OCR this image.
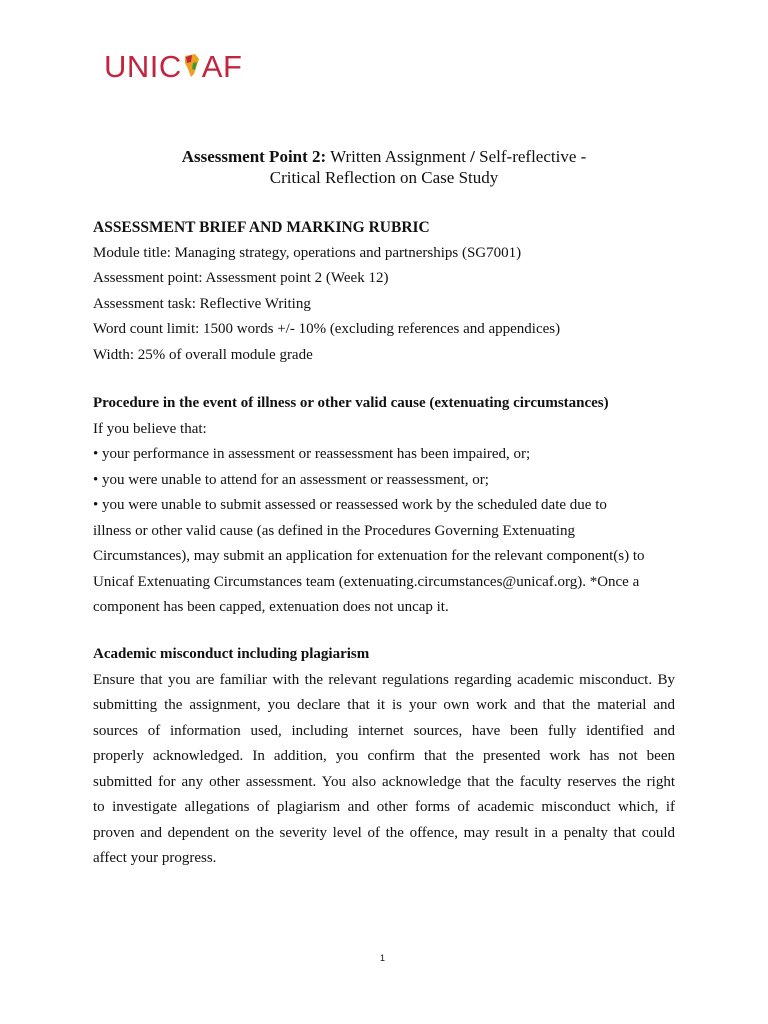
UNIC AF
Assessment Point 2: Written Assignment / Self-reflective -
Critical Reflection on Case Study
ASSESSMENT BRIEF AND MARKING RUBRIC
Module title: Managing strategy, operations and partnerships (SG7001)
Assessment point: Assessment point 2 (Week 12)
Assessment task: Reflective Writing
Word count limit: 1500 words +/- 10% (excluding references and appendices)
Width: 25% of overall module grade
Procedure in the event of illness or other valid cause (extenuating circumstances)
If you believe that:
• your performance in assessment or reassessment has been impaired, or;
• you were unable to attend for an assessment or reassessment, or;
• you were unable to submit assessed or reassessed work by the scheduled date due to
illness or other valid cause (as defined in the Procedures Governing Extenuating
Circumstances), may submit an application for extenuation for the relevant component(s) to
Unicaf Extenuating Circumstances team (extenuating.circumstances@unicaf.org). *Once a
component has been capped, extenuation does not uncap it.
Academic misconduct including plagiarism
Ensure that you are familiar with the relevant regulations regarding academic misconduct. By
submitting the assignment, you declare that it is your own work and that the material and
sources of information used, including internet sources, have been fully identified and
properly acknowledged. In addition, you confirm that the presented work has not been
submitted for any other assessment. You also acknowledge that the faculty reserves the right
to investigate allegations of plagiarism and other forms of academic misconduct which, if
proven and dependent on the severity level of the offence, may result in a penalty that could
affect your progress.
1
